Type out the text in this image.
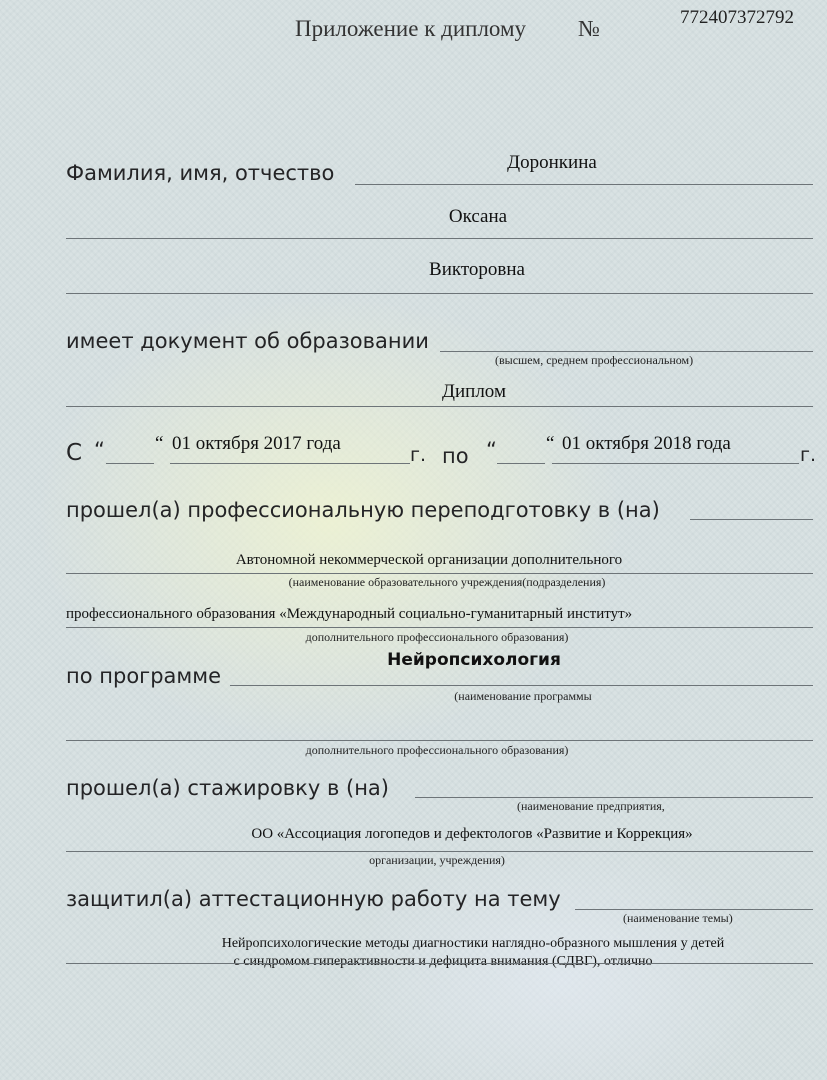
Приложение к диплому №	772407372792
Фамилия, имя, отчество	Доронкина
Оксана
Викторовна
имеет документ об образовании
(высшем, среднем профессиональном)
Диплом
С “	“ 01 октября 2017 года
г. по “	“ 01 октября 2018 года
г.
прошел(а) профессиональную переподготовку в (на)
Автономной некоммерческой организации дополнительного
(наименование образовательного учреждения(подразделения)
профессионального образования «Международный социально-гуманитарный институт»
дополнительного профессионального образования)
по программе
Нейропсихология
(наименование программы
дополнительного профессионального образования)
прошел(а) стажировку в (на)
(наименование предприятия,
ОО «Ассоциация логопедов и дефектологов «Развитие и Коррекция»
организации, учреждения)
защитил(а) аттестационную работу на тему
(наименование темы)
Нейропсихологические методы диагностики наглядно-образного мышления у детей
с синдромом гиперактивности и дефицита внимания (СДВГ), отлично
